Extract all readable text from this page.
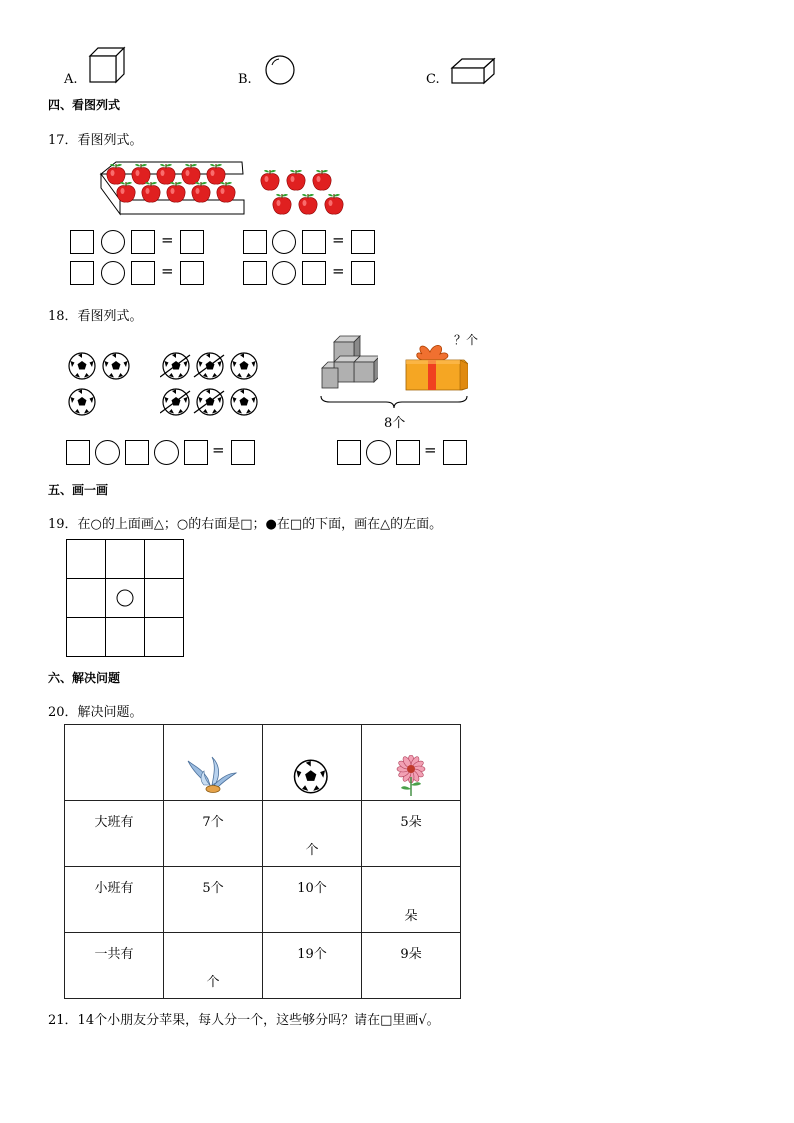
A.	B.	C.
四、看图列式
17．看图列式。
=	=
=	=
18．看图列式。
？个
8个
=	=
五、画一画
19．在○的上面画△；○的右面是□；●在□的下面，画在△的左面。
六、解决问题
20．解决问题。

大班有	7个	个	5朵

小班有	5个	10个	朵

一共有	个	19个	9朵
21．14个小朋友分苹果，每人分一个，这些够分吗？请在□里画√。
